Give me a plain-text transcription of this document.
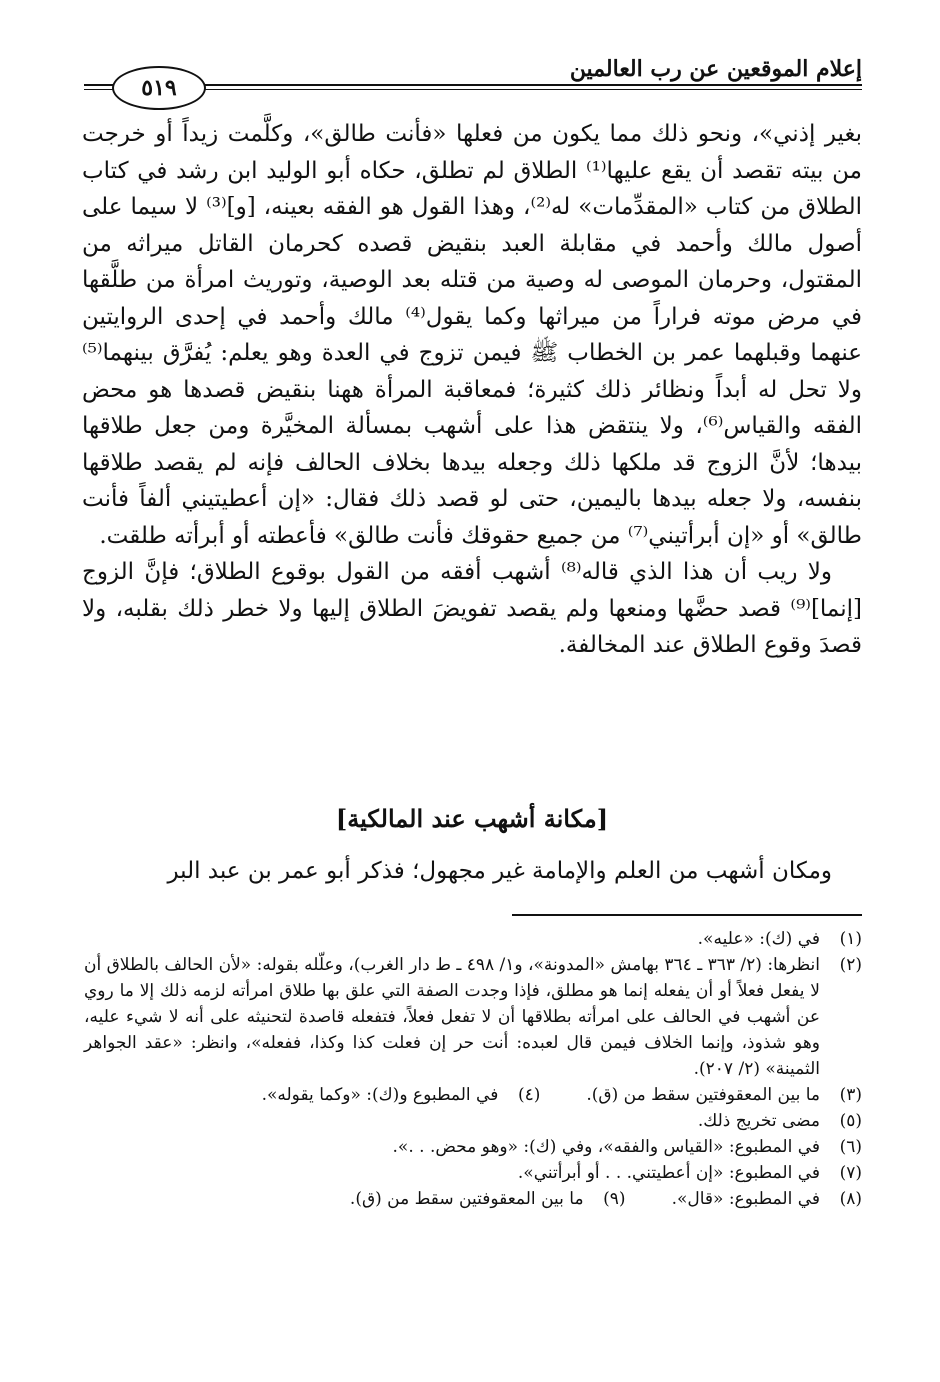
إعلام الموقعين عن رب العالمين
٥١٩

بغير إذني»، ونحو ذلك مما يكون من فعلها «فأنت طالق»، وكلَّمت زيداً أو خرجت من بيته تقصد أن يقع عليها⁽¹⁾ الطلاق لم تطلق، حكاه أبو الوليد ابن رشد في كتاب الطلاق من كتاب «المقدِّمات» له⁽²⁾، وهذا القول هو الفقه بعينه، [و]⁽³⁾ لا سيما على أصول مالك وأحمد في مقابلة العبد بنقيض قصده كحرمان القاتل ميراثه من المقتول، وحرمان الموصى له وصية من قتله بعد الوصية، وتوريث امرأة من طلَّقها في مرض موته فراراً من ميراثها وكما يقول⁽⁴⁾ مالك وأحمد في إحدى الروايتين عنهما وقبلهما عمر بن الخطاب ﷺ فيمن تزوج في العدة وهو يعلم: يُفرَّق بينهما⁽⁵⁾ ولا تحل له أبداً ونظائر ذلك كثيرة؛ فمعاقبة المرأة ههنا بنقيض قصدها هو محض الفقه والقياس⁽⁶⁾، ولا ينتقض هذا على أشهب بمسألة المخيَّرة ومن جعل طلاقها بيدها؛ لأنَّ الزوج قد ملكها ذلك وجعله بيدها بخلاف الحالف فإنه لم يقصد طلاقها بنفسه، ولا جعله بيدها باليمين، حتى لو قصد ذلك فقال: «إن أعطيتيني ألفاً فأنت طالق» أو «إن أبرأتيني⁽⁷⁾ من جميع حقوقك فأنت طالق» فأعطته أو أبرأته طلقت.

ولا ريب أن هذا الذي قاله⁽⁸⁾ أشهب أفقه من القول بوقوع الطلاق؛ فإنَّ الزوج [إنما]⁽⁹⁾ قصد حضَّها ومنعها ولم يقصد تفويضَ الطلاق إليها ولا خطر ذلك بقلبه، ولا قصدَ وقوع الطلاق عند المخالفة.

[مكانة أشهب عند المالكية]
ومكان أشهب من العلم والإمامة غير مجهول؛ فذكر أبو عمر بن عبد البر
(١)
في (ك): «عليه».
(٢)
انظرها: (٢/ ٣٦٣ ـ ٣٦٤ بهامش «المدونة»، و١/ ٤٩٨ ـ ط دار الغرب)، وعلّله بقوله: «لأن الحالف بالطلاق أن لا يفعل فعلاً أو أن يفعله إنما هو مطلق، فإذا وجدت الصفة التي علق بها طلاق امرأته لزمه ذلك إلا ما روي عن أشهب في الحالف على امرأته بطلاقها أن لا تفعل فعلاً، فتفعله قاصدة لتحنيثه على أنه لا شيء عليه، وهو شذوذ، وإنما الخلاف فيمن قال لعبده: أنت حر إن فعلت كذا وكذا، ففعله»، وانظر: «عقد الجواهر الثمينة» (٢/ ٢٠٧).
(٣)
ما بين المعقوفتين سقط من (ق).
(٤)
في المطبوع و(ك): «وكما يقوله».
(٥)
مضى تخريج ذلك.
(٦)
في المطبوع: «القياس والفقه»، وفي (ك): «وهو محض. . .».
(٧)
في المطبوع: «إن أعطيتني. . . أو أبرأتني».
(٨)
في المطبوع: «قال».
(٩)
ما بين المعقوفتين سقط من (ق).
